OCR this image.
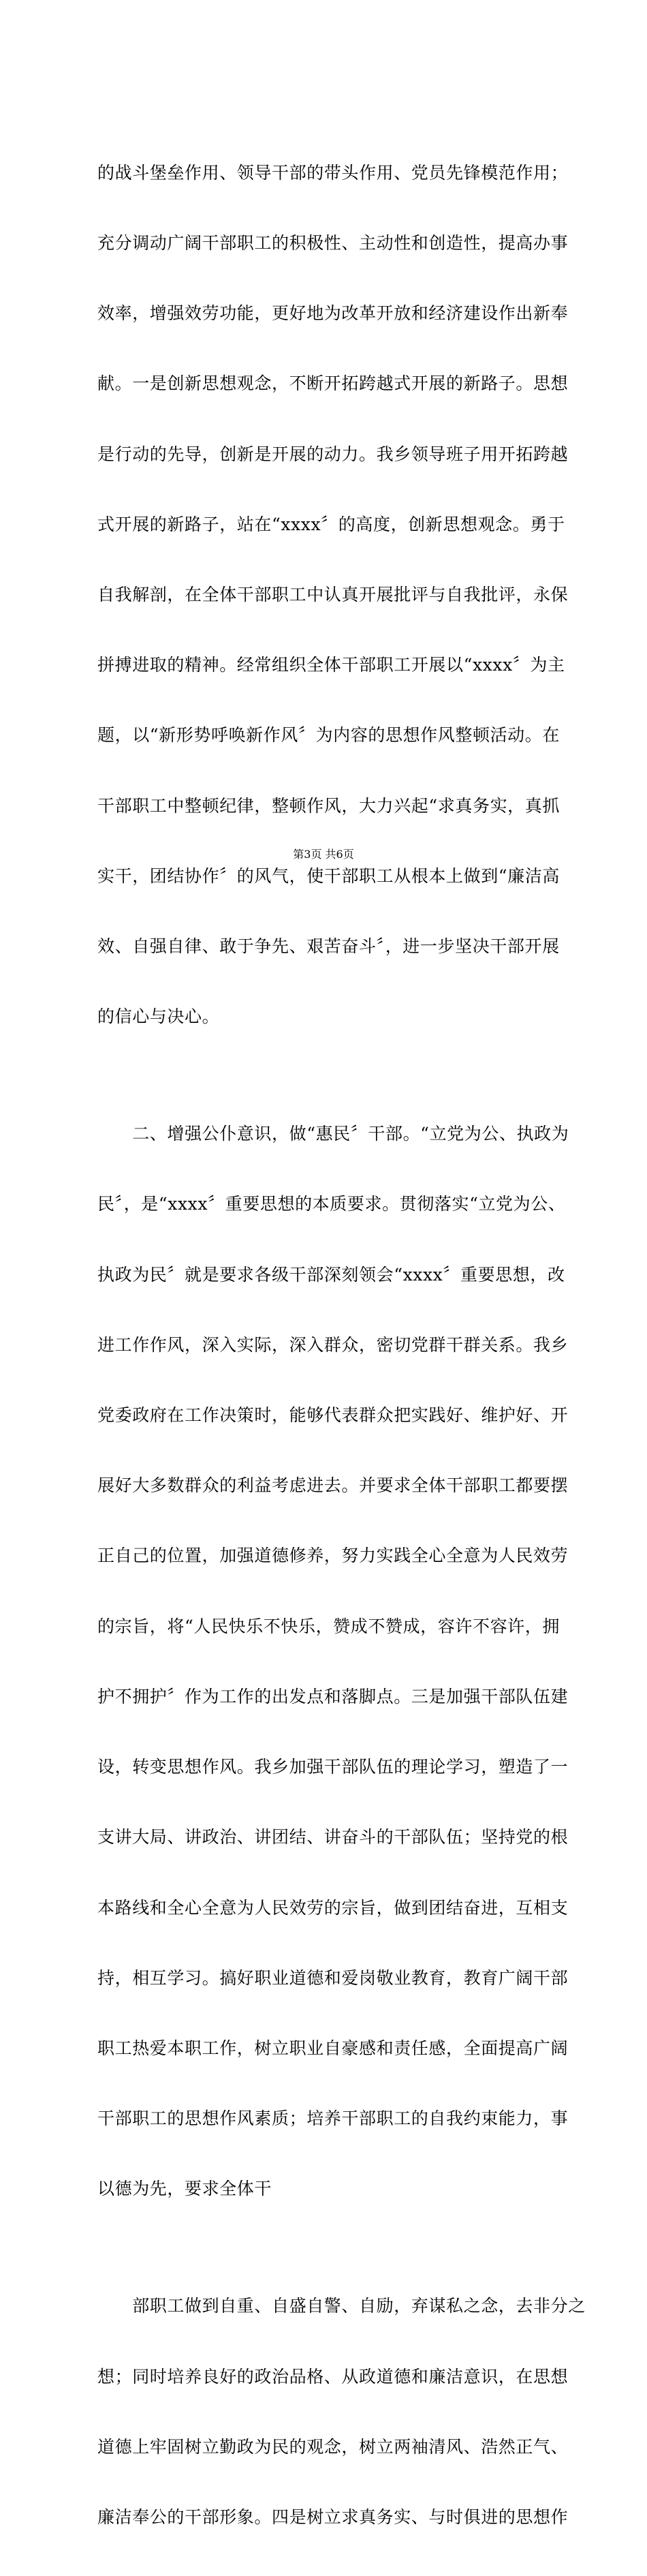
的战斗堡垒作用、领导干部的带头作用、党员先锋模范作用；

充分调动广阔干部职工的积极性、主动性和创造性，提高办事

效率，增强效劳功能，更好地为改革开放和经济建设作出新奉

献。一是创新思想观念，不断开拓跨越式开展的新路子。思想

是行动的先导，创新是开展的动力。我乡领导班子用开拓跨越

式开展的新路子，站在“xxxx〞的高度，创新思想观念。勇于

自我解剖，在全体干部职工中认真开展批评与自我批评，永保

拼搏进取的精神。经常组织全体干部职工开展以“xxxx〞为主

题，以“新形势呼唤新作风〞为内容的思想作风整顿活动。在

干部职工中整顿纪律，整顿作风，大力兴起“求真务实，真抓

实干，团结协作〞的风气，使干部职工从根本上做到“廉洁高

效、自强自律、敢于争先、艰苦奋斗〞，进一步坚决干部开展

的信心与决心。

　　二、增强公仆意识，做“惠民〞干部。“立党为公、执政为

民〞，是“xxxx〞重要思想的本质要求。贯彻落实“立党为公、

执政为民〞就是要求各级干部深刻领会“xxxx〞重要思想，改

进工作作风，深入实际，深入群众，密切党群干群关系。我乡

党委政府在工作决策时，能够代表群众把实践好、维护好、开

展好大多数群众的利益考虑进去。并要求全体干部职工都要摆

正自己的位置，加强道德修养，努力实践全心全意为人民效劳

的宗旨，将“人民快乐不快乐，赞成不赞成，容许不容许，拥

护不拥护〞作为工作的出发点和落脚点。三是加强干部队伍建

设，转变思想作风。我乡加强干部队伍的理论学习，塑造了一

支讲大局、讲政治、讲团结、讲奋斗的干部队伍；坚持党的根

本路线和全心全意为人民效劳的宗旨，做到团结奋进，互相支

持，相互学习。搞好职业道德和爱岗敬业教育，教育广阔干部

职工热爱本职工作，树立职业自豪感和责任感，全面提高广阔

干部职工的思想作风素质；培养干部职工的自我约束能力，事

以德为先，要求全体干

　　部职工做到自重、自盛自警、自励，弃谋私之念，去非分之

想；同时培养良好的政治品格、从政道德和廉洁意识，在思想

道德上牢固树立勤政为民的观念，树立两袖清风、浩然正气、

廉洁奉公的干部形象。四是树立求真务实、与时俱进的思想作

第3页 共6页
